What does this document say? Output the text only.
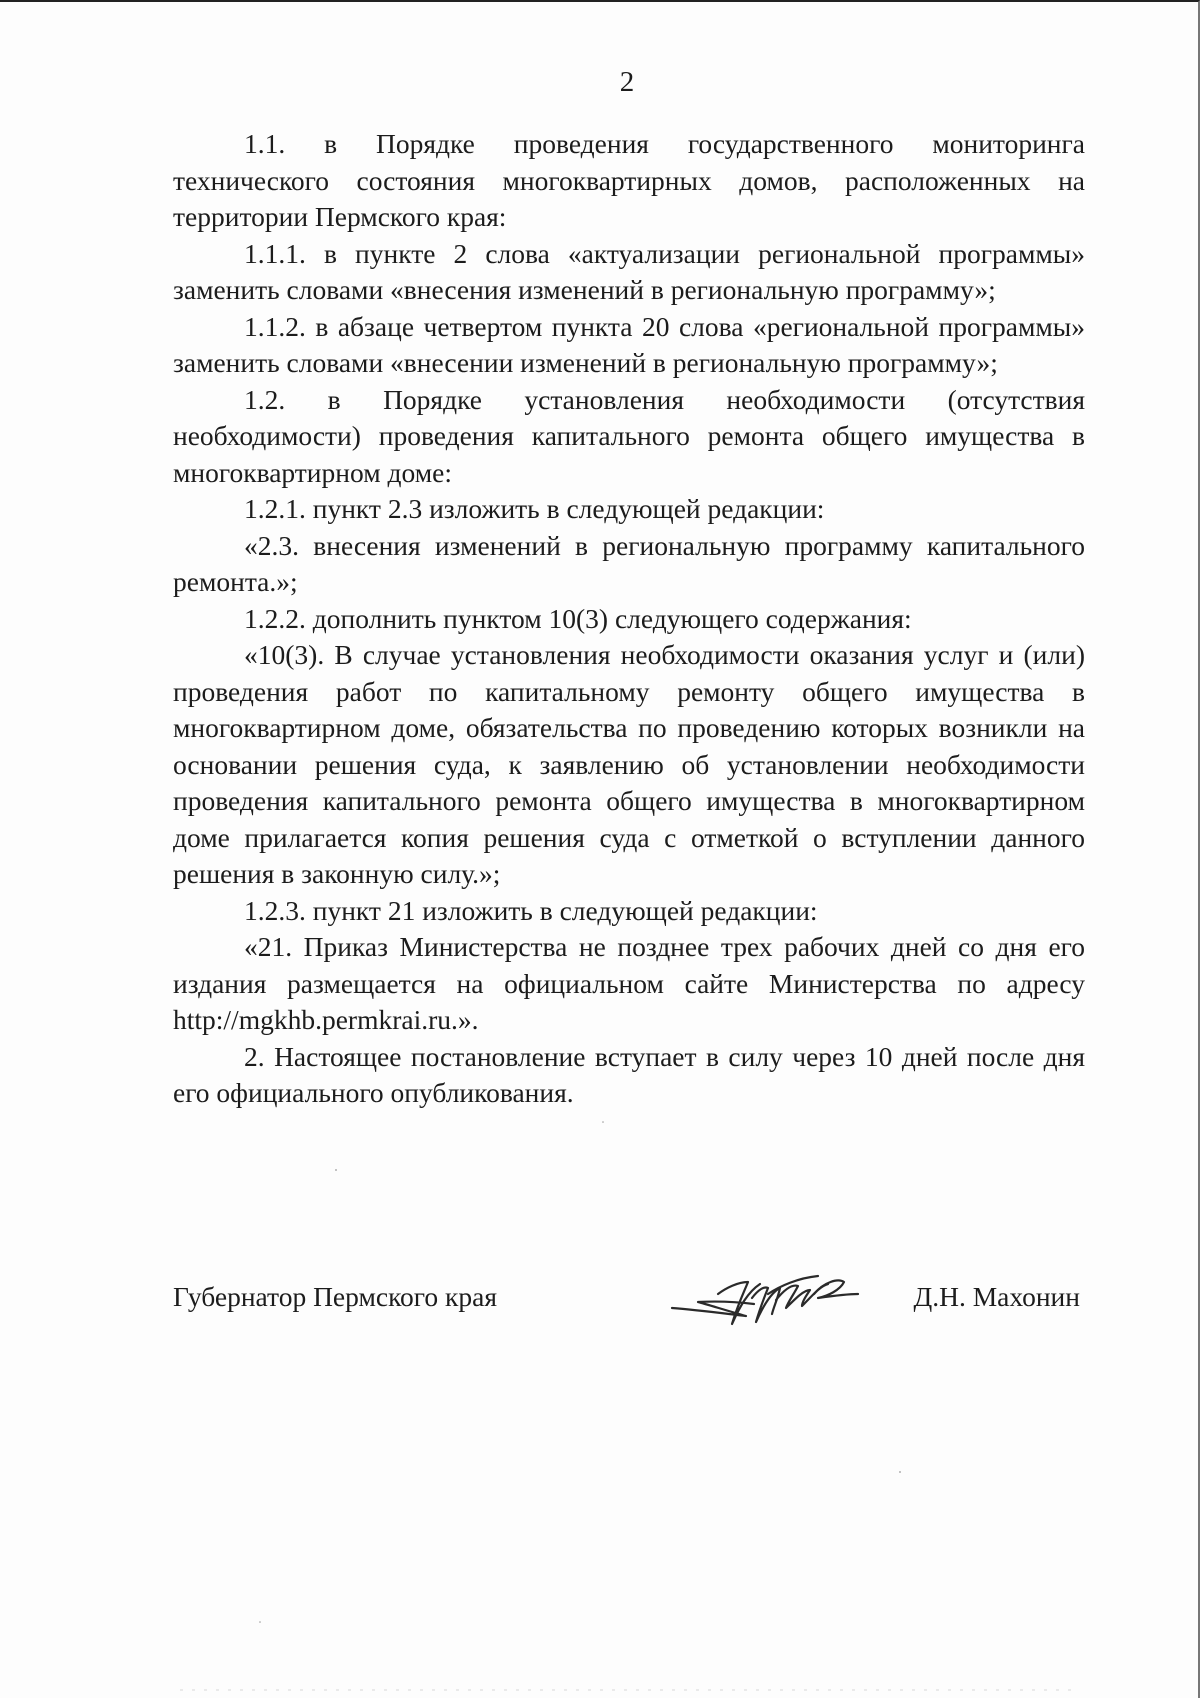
2

1.1. в Порядке проведения государственного мониторинга технического состояния многоквартирных домов, расположенных на территории Пермского края:

1.1.1. в пункте 2 слова «актуализации региональной программы» заменить словами «внесения изменений в региональную программу»;

1.1.2. в абзаце четвертом пункта 20 слова «региональной программы» заменить словами «внесении изменений в региональную программу»;

1.2. в Порядке установления необходимости (отсутствия необходимости) проведения капитального ремонта общего имущества в многоквартирном доме:

1.2.1. пункт 2.3 изложить в следующей редакции:

«2.3. внесения изменений в региональную программу капитального ремонта.»;

1.2.2. дополнить пунктом 10(3) следующего содержания:

«10(3). В случае установления необходимости оказания услуг и (или) проведения работ по капитальному ремонту общего имущества в многоквартирном доме, обязательства по проведению которых возникли на основании решения суда, к заявлению об установлении необходимости проведения капитального ремонта общего имущества в многоквартирном доме прилагается копия решения суда с отметкой о вступлении данного решения в законную силу.»;

1.2.3. пункт 21 изложить в следующей редакции:

«21. Приказ Министерства не позднее трех рабочих дней со дня его издания размещается на официальном сайте Министерства по адресу http://mgkhb.permkrai.ru.».

2. Настоящее постановление вступает в силу через 10 дней после дня его официального опубликования.

Губернатор Пермского края	Д.Н. Махонин
